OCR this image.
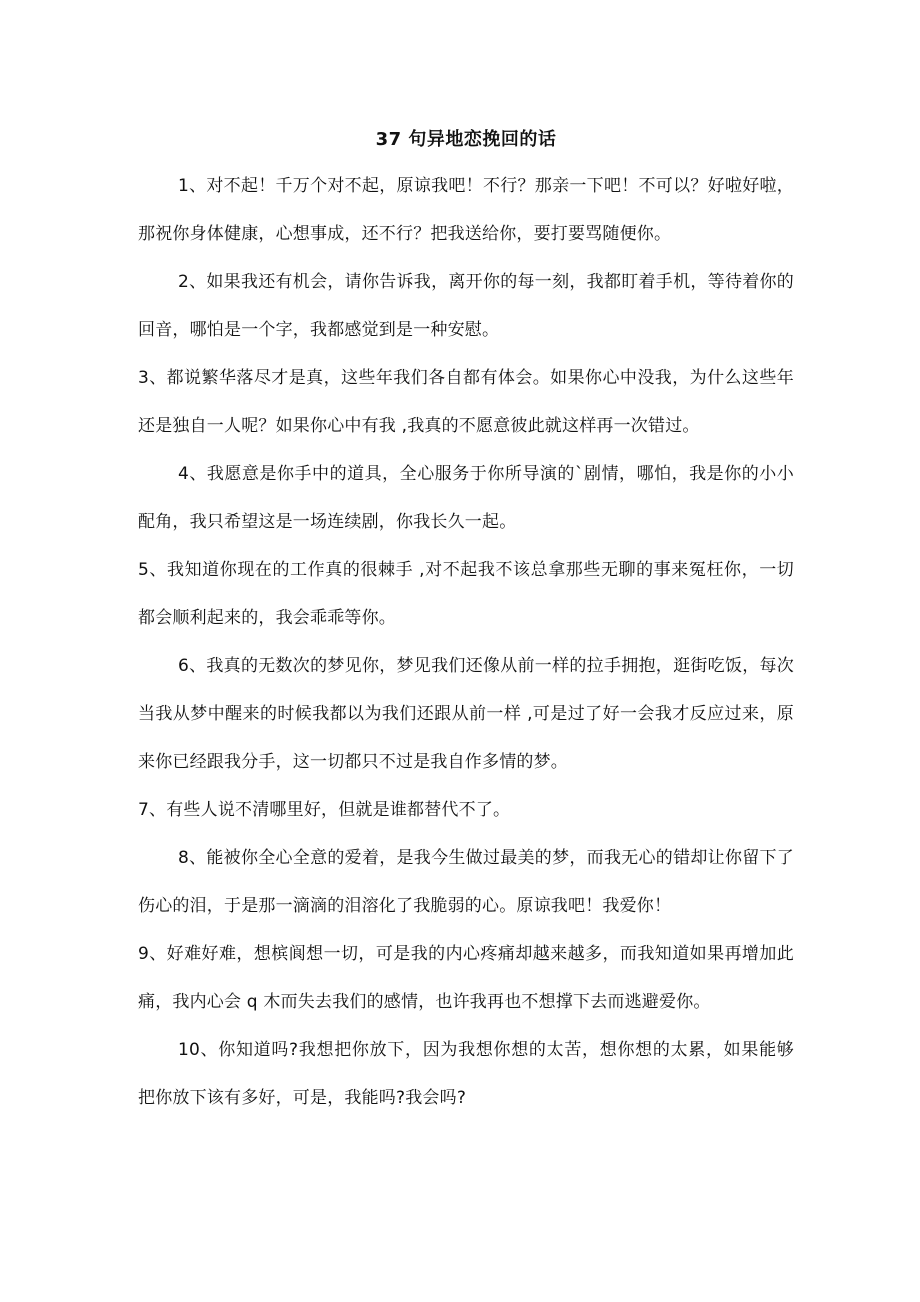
37 句异地恋挽回的话

1、对不起！千万个对不起，原谅我吧！不行？那亲一下吧！不可以？好啦好啦，那祝你身体健康，心想事成，还不行？把我送给你，要打要骂随便你。

2、如果我还有机会，请你告诉我，离开你的每一刻，我都盯着手机，等待着你的回音，哪怕是一个字，我都感觉到是一种安慰。

3、都说繁华落尽才是真，这些年我们各自都有体会。如果你心中没我，为什么这些年还是独自一人呢？如果你心中有我 ,我真的不愿意彼此就这样再一次错过。

4、我愿意是你手中的道具，全心服务于你所导演的`剧情，哪怕，我是你的小小配角，我只希望这是一场连续剧，你我长久一起。

5、我知道你现在的工作真的很棘手 ,对不起我不该总拿那些无聊的事来冤枉你，一切都会顺利起来的，我会乖乖等你。

6、我真的无数次的梦见你，梦见我们还像从前一样的拉手拥抱，逛街吃饭，每次当我从梦中醒来的时候我都以为我们还跟从前一样 ,可是过了好一会我才反应过来，原来你已经跟我分手，这一切都只不过是我自作多情的梦。

7、有些人说不清哪里好，但就是谁都替代不了。

8、能被你全心全意的爱着，是我今生做过最美的梦，而我无心的错却让你留下了伤心的泪，于是那一滴滴的泪溶化了我脆弱的心。原谅我吧！我爱你！

9、好难好难，想槟阆想一切，可是我的内心疼痛却越来越多，而我知道如果再增加此痛，我内心会 q 木而失去我们的感情，也许我再也不想撑下去而逃避爱你。

10、你知道吗?我想把你放下，因为我想你想的太苦，想你想的太累，如果能够把你放下该有多好，可是，我能吗?我会吗?
